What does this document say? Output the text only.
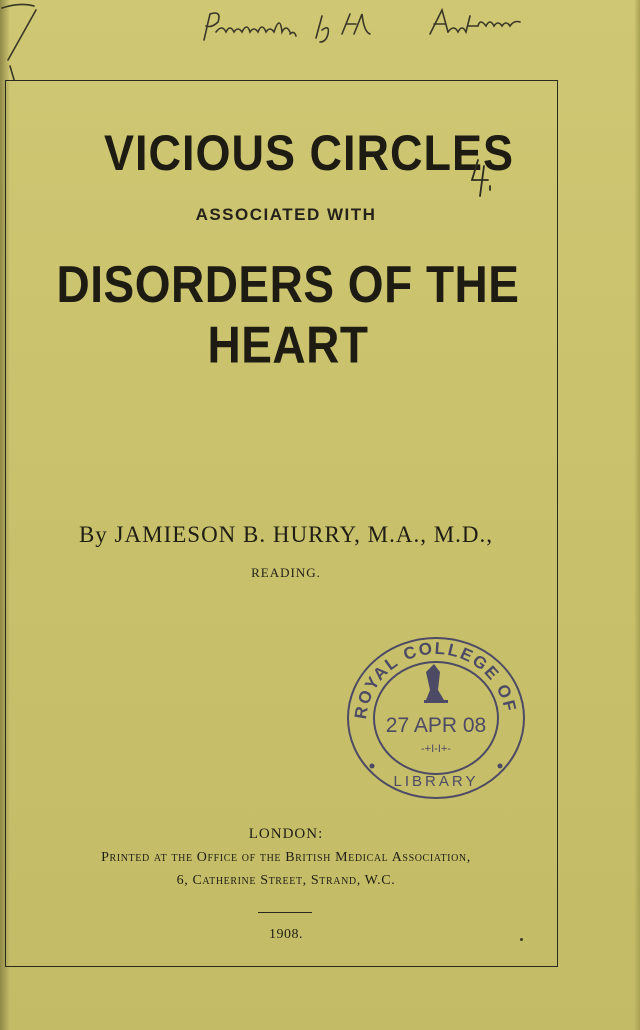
VICIOUS CIRCLES
ASSOCIATED WITH
DISORDERS OF THE HEART
By JAMIESON B. HURRY, M.A., M.D.,
READING.
ROYAL COLLEGE OF
27 APR 08
-+I-I+-
LIBRARY
LONDON:
Printed at the Office of the British Medical Association,
6, Catherine Street, Strand, W.C.
1908.
